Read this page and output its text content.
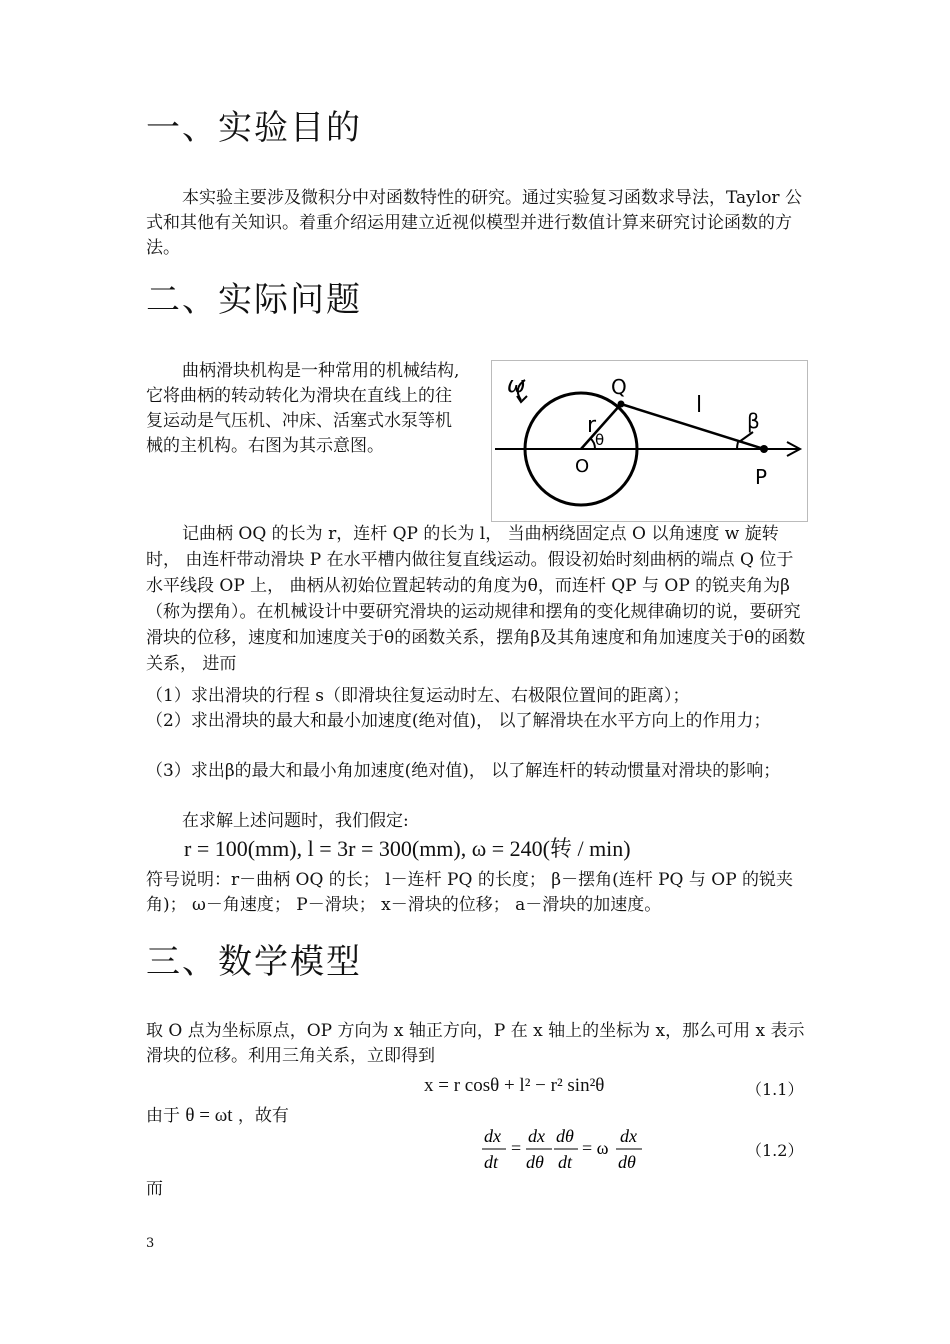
一、实验目的
本实验主要涉及微积分中对函数特性的研究。通过实验复习函数求导法，Taylor 公式和其他有关知识。着重介绍运用建立近视似模型并进行数值计算来研究讨论函数的方法。
二、实际问题
曲柄滑块机构是一种常用的机械结构,它将曲柄的转动转化为滑块在直线上的往复运动是气压机、冲床、活塞式水泵等机械的主机构。右图为其示意图。
ω	Q
r
θ
O
l
β
P
记曲柄 OQ 的长为 r，连杆 QP 的长为 l， 当曲柄绕固定点 O 以角速度 w 旋转时， 由连杆带动滑块 P 在水平槽内做往复直线运动。假设初始时刻曲柄的端点 Q 位于水平线段 OP 上， 曲柄从初始位置起转动的角度为θ，而连杆 QP 与 OP 的锐夹角为β（称为摆角）。在机械设计中要研究滑块的运动规律和摆角的变化规律确切的说，要研究滑块的位移，速度和加速度关于θ的函数关系，摆角β及其角速度和角加速度关于θ的函数关系， 进而
（1）求出滑块的行程 s（即滑块往复运动时左、右极限位置间的距离）；
（2）求出滑块的最大和最小加速度(绝对值)， 以了解滑块在水平方向上的作用力；
（3）求出β的最大和最小角加速度(绝对值)， 以了解连杆的转动惯量对滑块的影响；
在求解上述问题时，我们假定:
r = 100(mm), l = 3r = 300(mm), ω = 240(转 / min)
符号说明：r－曲柄 OQ 的长； l－连杆 PQ 的长度； β－摆角(连杆 PQ 与 OP 的锐夹角)； ω－角速度； P－滑块； x－滑块的位移； a－滑块的加速度。
三、数学模型
取 O 点为坐标原点，OP 方向为 x 轴正方向，P 在 x 轴上的坐标为 x，那么可用 x 表示滑块的位移。利用三角关系，立即得到
x = r cosθ + l² − r² sin²θ	（1.1）
由于 θ = ωt ，故有
dx
dt
=
dx
dθ
dθ
dt
= ω
dx
dθ
（1.2）
而
3
